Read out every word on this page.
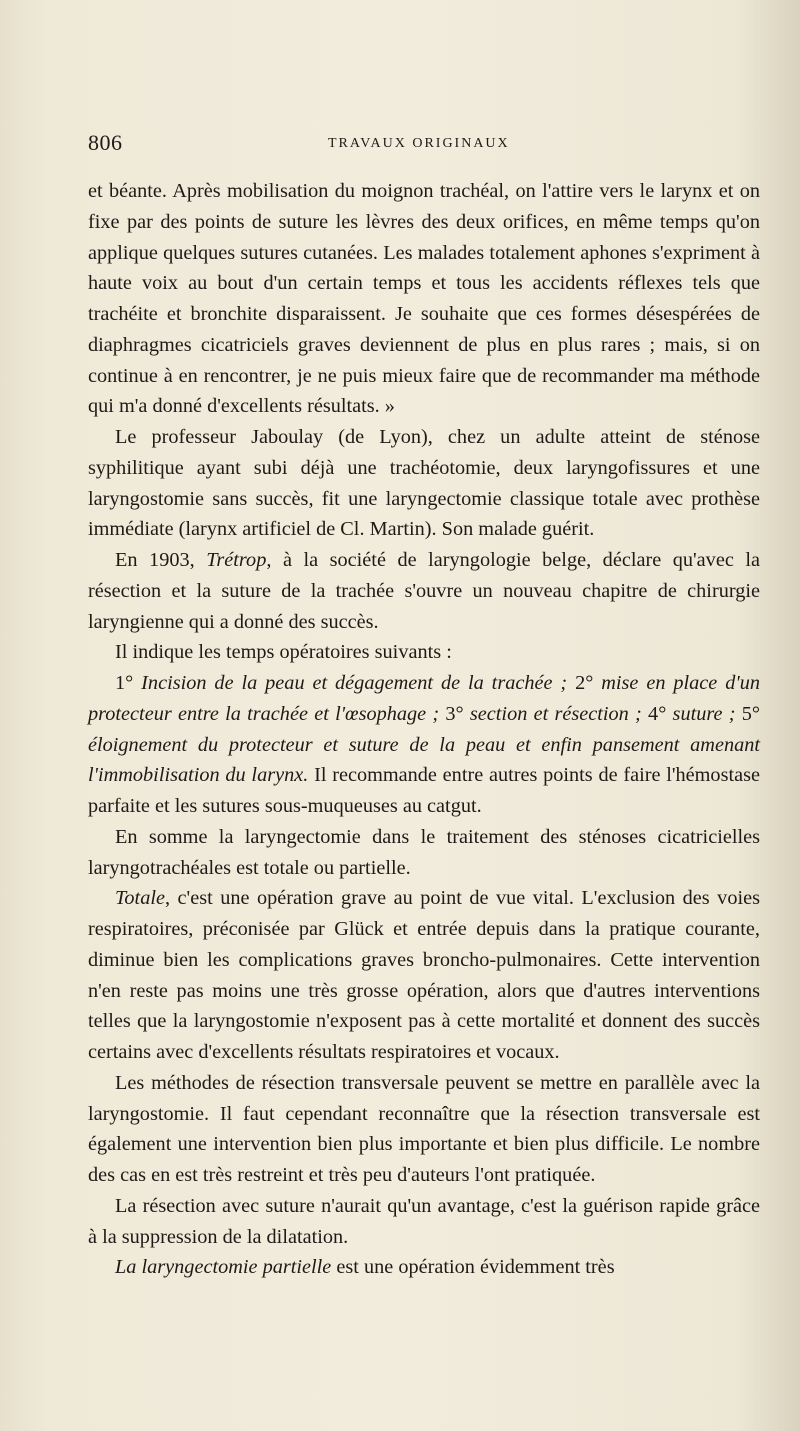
806	TRAVAUX ORIGINAUX

et béante. Après mobilisation du moignon trachéal, on l'attire vers le larynx et on fixe par des points de suture les lèvres des deux orifices, en même temps qu'on applique quelques sutures cutanées. Les malades totalement aphones s'expriment à haute voix au bout d'un certain temps et tous les accidents réflexes tels que trachéite et bronchite disparaissent. Je souhaite que ces formes désespérées de diaphragmes cicatriciels graves deviennent de plus en plus rares ; mais, si on continue à en rencontrer, je ne puis mieux faire que de recommander ma méthode qui m'a donné d'excellents résultats. »

Le professeur Jaboulay (de Lyon), chez un adulte atteint de sténose syphilitique ayant subi déjà une trachéotomie, deux laryngofissures et une laryngostomie sans succès, fit une laryngectomie classique totale avec prothèse immédiate (larynx artificiel de Cl. Martin). Son malade guérit.

En 1903, Trétrop, à la société de laryngologie belge, déclare qu'avec la résection et la suture de la trachée s'ouvre un nouveau chapitre de chirurgie laryngienne qui a donné des succès.

Il indique les temps opératoires suivants :

1° Incision de la peau et dégagement de la trachée ; 2° mise en place d'un protecteur entre la trachée et l'œsophage ; 3° section et résection ; 4° suture ; 5° éloignement du protecteur et suture de la peau et enfin pansement amenant l'immobilisation du larynx. Il recommande entre autres points de faire l'hémostase parfaite et les sutures sous-muqueuses au catgut.

En somme la laryngectomie dans le traitement des sténoses cicatricielles laryngotrachéales est totale ou partielle.

Totale, c'est une opération grave au point de vue vital. L'exclusion des voies respiratoires, préconisée par Glück et entrée depuis dans la pratique courante, diminue bien les complications graves broncho-pulmonaires. Cette intervention n'en reste pas moins une très grosse opération, alors que d'autres interventions telles que la laryngostomie n'exposent pas à cette mortalité et donnent des succès certains avec d'excellents résultats respiratoires et vocaux.

Les méthodes de résection transversale peuvent se mettre en parallèle avec la laryngostomie. Il faut cependant reconnaître que la résection transversale est également une intervention bien plus importante et bien plus difficile. Le nombre des cas en est très restreint et très peu d'auteurs l'ont pratiquée.

La résection avec suture n'aurait qu'un avantage, c'est la guérison rapide grâce à la suppression de la dilatation.

La laryngectomie partielle est une opération évidemment très
